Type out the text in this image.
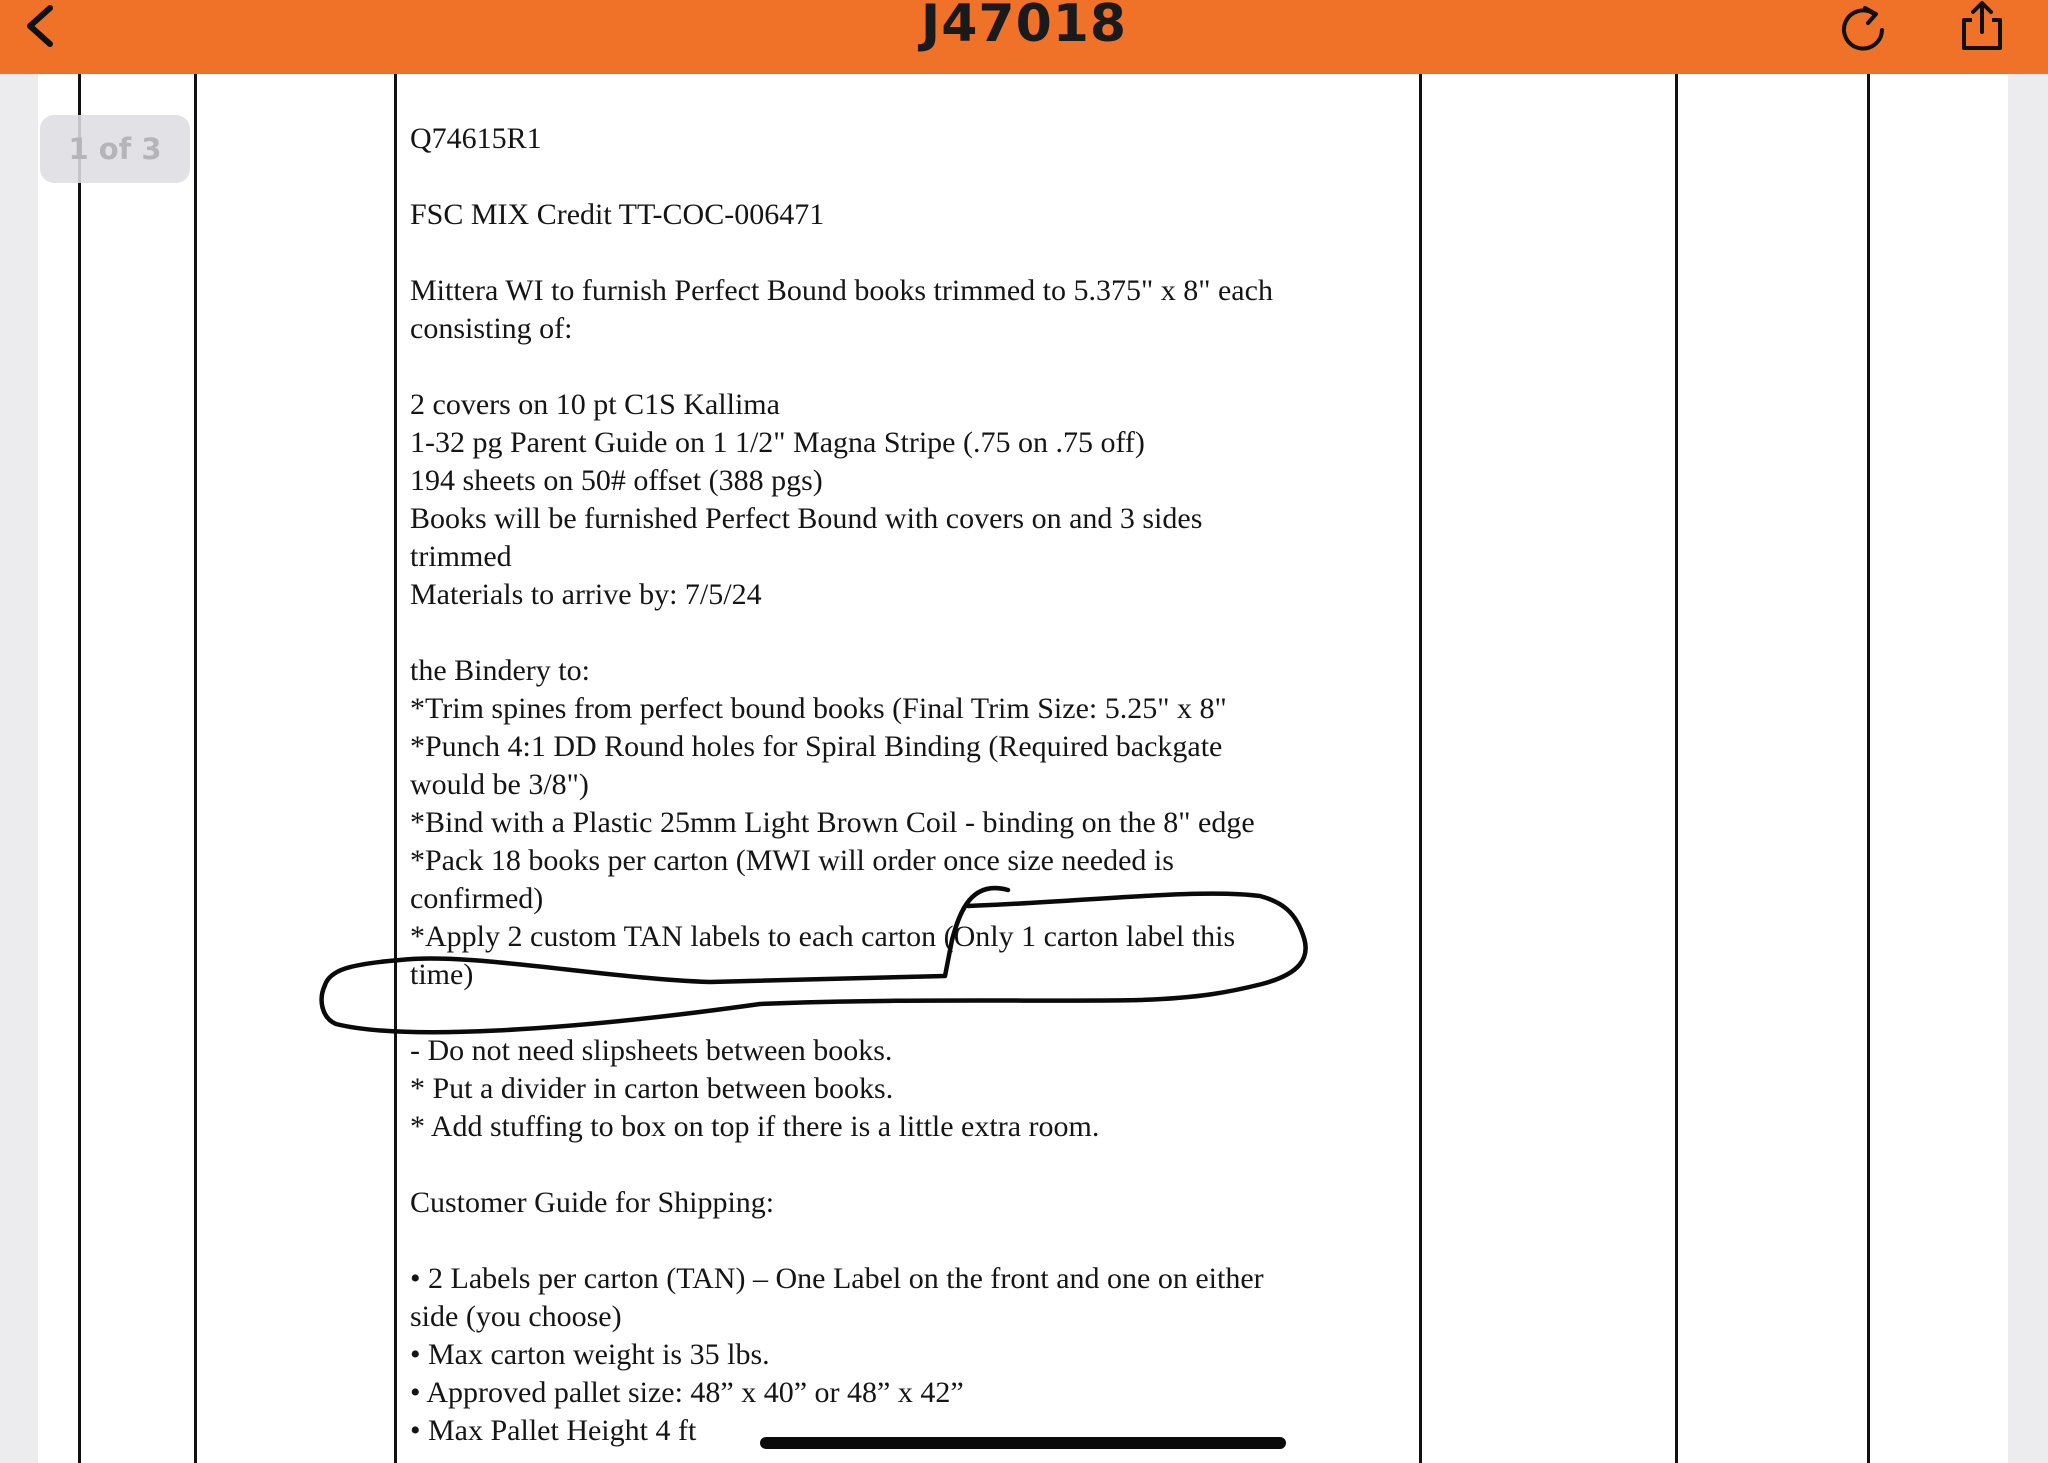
J47018
1 of 3	Q74615R1
FSC MIX Credit TT-COC-006471
Mittera WI to furnish Perfect Bound books trimmed to 5.375" x 8" each
consisting of:
2 covers on 10 pt C1S Kallima
1-32 pg Parent Guide on 1 1/2" Magna Stripe (.75 on .75 off)
194 sheets on 50# offset (388 pgs)
Books will be furnished Perfect Bound with covers on and 3 sides
trimmed
Materials to arrive by: 7/5/24
the Bindery to:
*Trim spines from perfect bound books (Final Trim Size: 5.25" x 8"
*Punch 4:1 DD Round holes for Spiral Binding (Required backgate
would be 3/8")
*Bind with a Plastic 25mm Light Brown Coil - binding on the 8" edge
*Pack 18 books per carton (MWI will order once size needed is
confirmed)
*Apply 2 custom TAN labels to each carton (Only 1 carton label this
time)
- Do not need slipsheets between books.
* Put a divider in carton between books.
* Add stuffing to box on top if there is a little extra room.
Customer Guide for Shipping:
• 2 Labels per carton (TAN) – One Label on the front and one on either
side (you choose)
• Max carton weight is 35 lbs.
• Approved pallet size: 48” x 40” or 48” x 42”
• Max Pallet Height 4 ft
